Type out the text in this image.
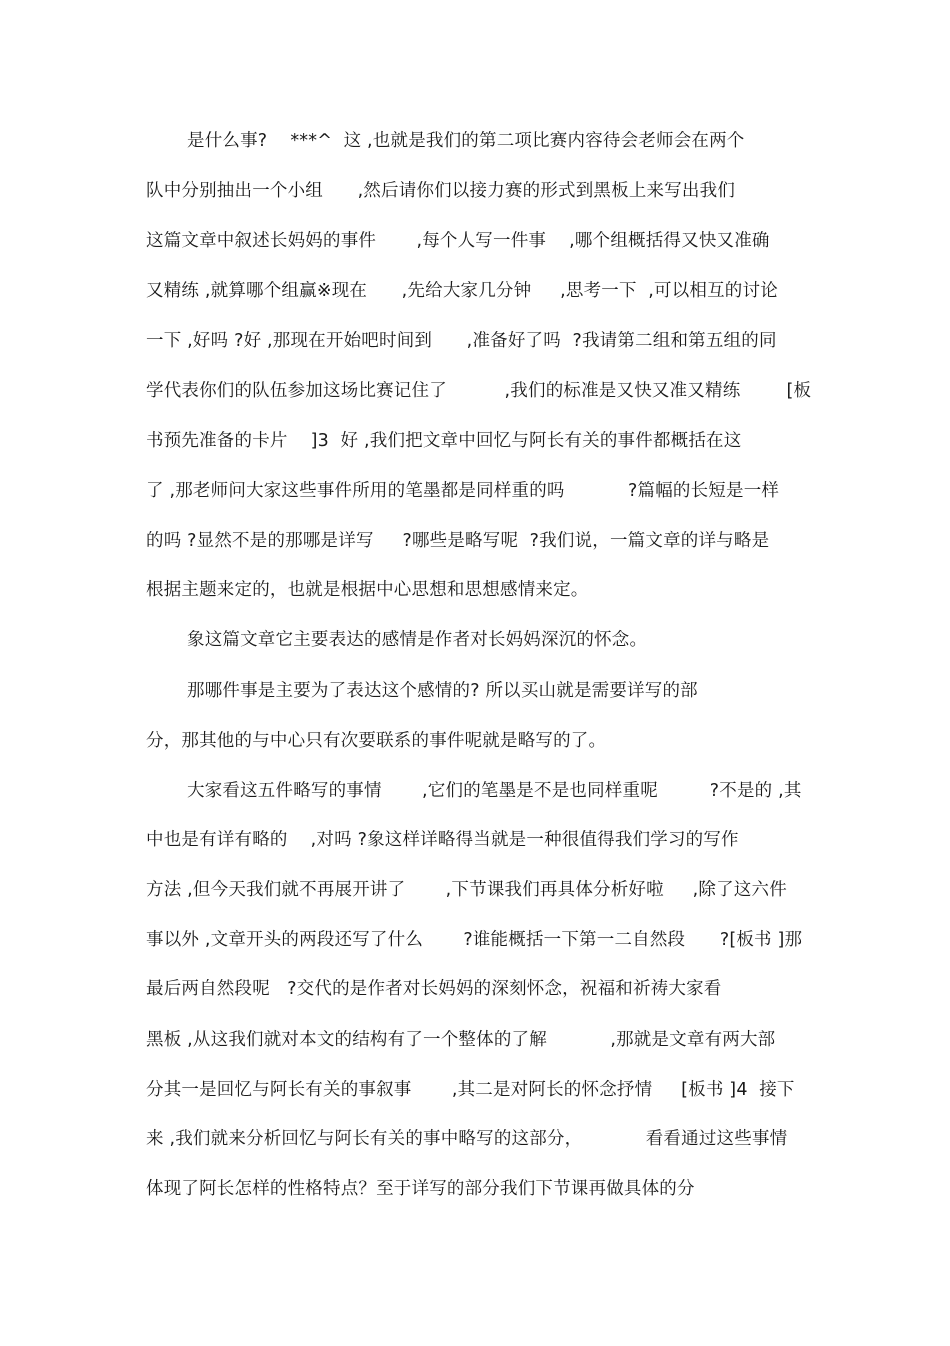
是什么事?    ***^  这 ,也就是我们的第二项比赛内容待会老师会在两个
队中分别抽出一个小组      ,然后请你们以接力赛的形式到黑板上来写出我们
这篇文章中叙述长妈妈的事件       ,每个人写一件事    ,哪个组概括得又快又准确
又精练 ,就算哪个组赢※现在      ,先给大家几分钟     ,思考一下  ,可以相互的讨论
一下 ,好吗 ?好 ,那现在开始吧时间到      ,准备好了吗  ?我请第二组和第五组的同
学代表你们的队伍参加这场比赛记住了          ,我们的标准是又快又准又精练        [板
书预先准备的卡片    ]3  好 ,我们把文章中回忆与阿长有关的事件都概括在这
了 ,那老师问大家这些事件所用的笔墨都是同样重的吗           ?篇幅的长短是一样
的吗 ?显然不是的那哪是详写     ?哪些是略写呢  ?我们说，一篇文章的详与略是
根据主题来定的，也就是根据中心思想和思想感情来定。
象这篇文章它主要表达的感情是作者对长妈妈深沉的怀念。
那哪件事是主要为了表达这个感情的? 所以买山就是需要详写的部
分，那其他的与中心只有次要联系的事件呢就是略写的了。
大家看这五件略写的事情       ,它们的笔墨是不是也同样重呢         ?不是的 ,其
中也是有详有略的    ,对吗 ?象这样详略得当就是一种很值得我们学习的写作
方法 ,但今天我们就不再展开讲了       ,下节课我们再具体分析好啦     ,除了这六件
事以外 ,文章开头的两段还写了什么       ?谁能概括一下第一二自然段      ?[板书 ]那
最后两自然段呢   ?交代的是作者对长妈妈的深刻怀念，祝福和祈祷大家看
黑板 ,从这我们就对本文的结构有了一个整体的了解           ,那就是文章有两大部
分其一是回忆与阿长有关的事叙事       ,其二是对阿长的怀念抒情     [板书 ]4  接下
来 ,我们就来分析回忆与阿长有关的事中略写的这部分，           看看通过这些事情
体现了阿长怎样的性格特点？至于详写的部分我们下节课再做具体的分
